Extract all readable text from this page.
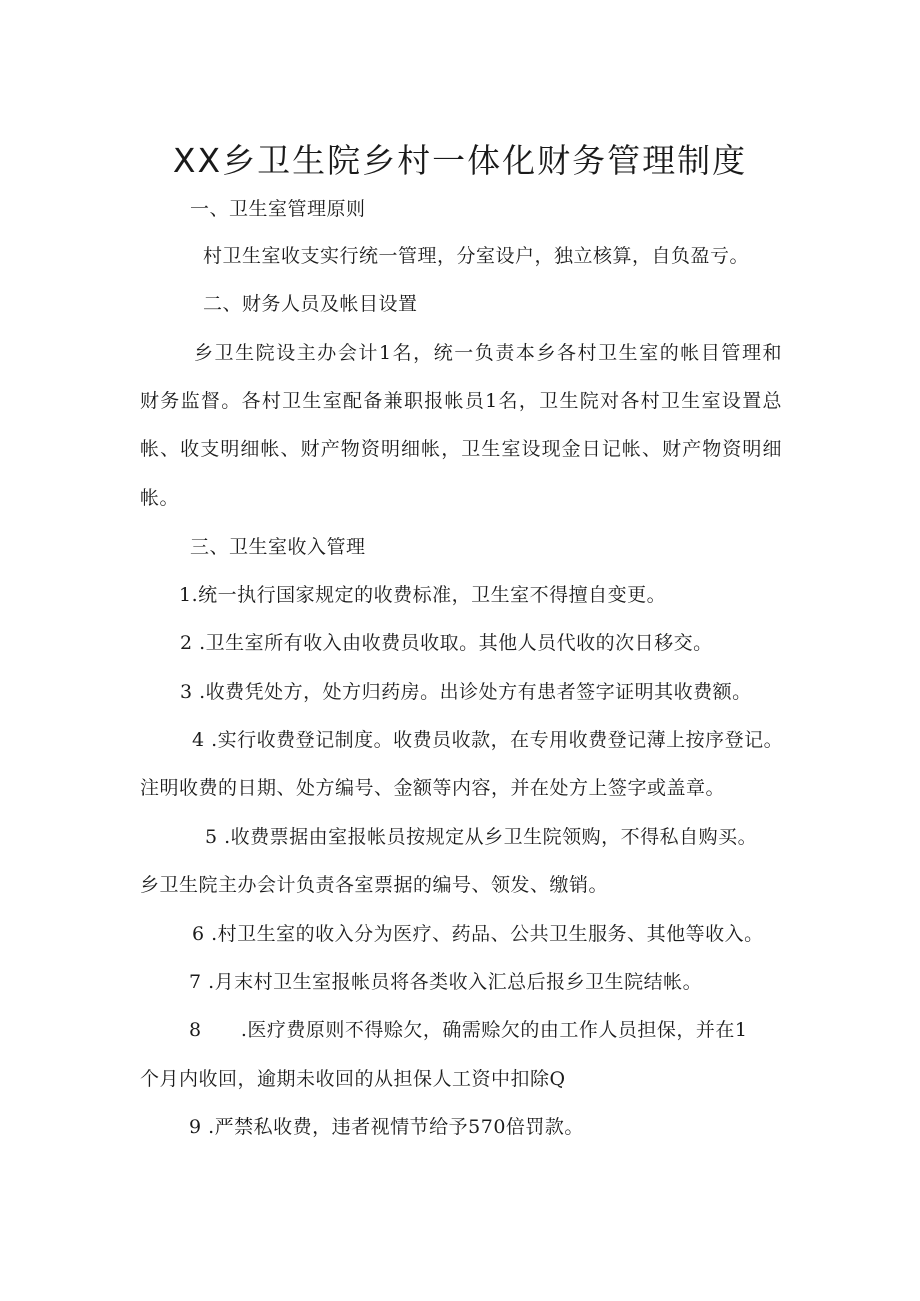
XX乡卫生院乡村一体化财务管理制度
一、卫生室管理原则
村卫生室收支实行统一管理，分室设户，独立核算，自负盈亏。
二、财务人员及帐目设置
乡卫生院设主办会计1名，统一负责本乡各村卫生室的帐目管理和
财务监督。各村卫生室配备兼职报帐员1名，卫生院对各村卫生室设置总
帐、收支明细帐、财产物资明细帐，卫生室设现金日记帐、财产物资明细
帐。
三、卫生室收入管理
1.统一执行国家规定的收费标准，卫生室不得擅自变更。
2 .卫生室所有收入由收费员收取。其他人员代收的次日移交。
3 .收费凭处方，处方归药房。出诊处方有患者签字证明其收费额。
4 .实行收费登记制度。收费员收款，在专用收费登记薄上按序登记。
注明收费的日期、处方编号、金额等内容，并在处方上签字或盖章。
5 .收费票据由室报帐员按规定从乡卫生院领购，不得私自购买。
乡卫生院主办会计负责各室票据的编号、领发、缴销。
6 .村卫生室的收入分为医疗、药品、公共卫生服务、其他等收入。
7 .月末村卫生室报帐员将各类收入汇总后报乡卫生院结帐。
8      .医疗费原则不得赊欠，确需赊欠的由工作人员担保，并在1
个月内收回，逾期未收回的从担保人工资中扣除Q
9 .严禁私收费，违者视情节给予570倍罚款。
